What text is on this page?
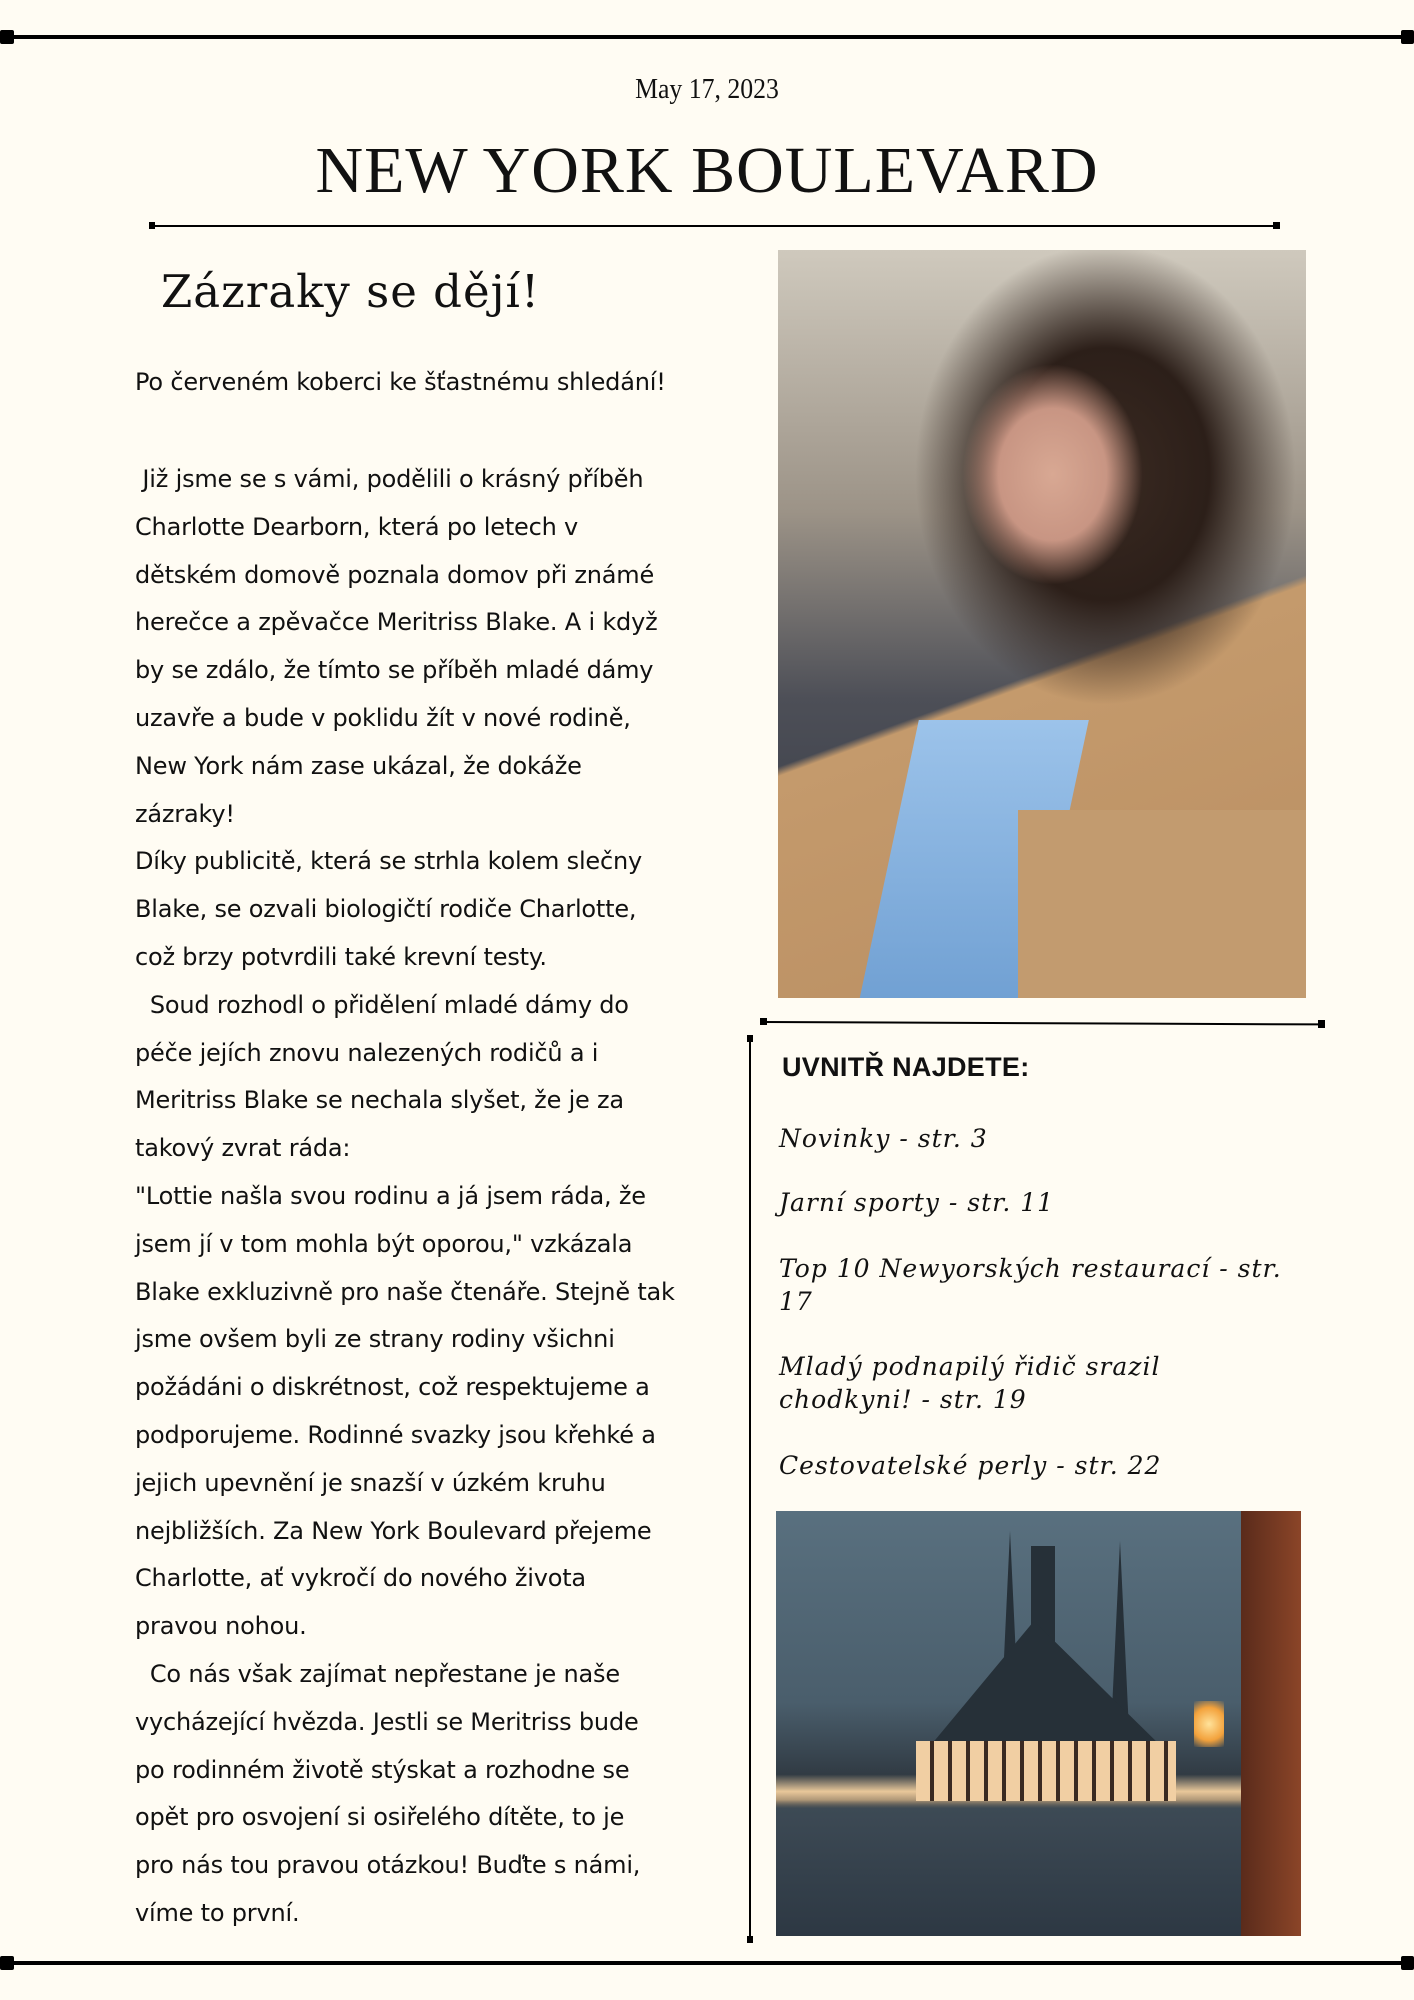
May 17, 2023
NEW YORK BOULEVARD
Zázraky se dějí!
Po červeném koberci ke šťastnému shledání!
Již jsme se s vámi, podělili o krásný příběh
Charlotte Dearborn, která po letech v
dětském domově poznala domov při známé
herečce a zpěvačce Meritriss Blake. A i když
by se zdálo, že tímto se příběh mladé dámy
uzavře a bude v poklidu žít v nové rodině,
New York nám zase ukázal, že dokáže
zázraky!
Díky publicitě, která se strhla kolem slečny
Blake, se ozvali biologičtí rodiče Charlotte,
což brzy potvrdili také krevní testy.
Soud rozhodl o přidělení mladé dámy do
péče jejích znovu nalezených rodičů a i
Meritriss Blake se nechala slyšet, že je za
takový zvrat ráda:
"Lottie našla svou rodinu a já jsem ráda, že
jsem jí v tom mohla být oporou," vzkázala
Blake exkluzivně pro naše čtenáře. Stejně tak
jsme ovšem byli ze strany rodiny všichni
požádáni o diskrétnost, což respektujeme a
podporujeme. Rodinné svazky jsou křehké a
jejich upevnění je snazší v úzkém kruhu
nejbližších. Za New York Boulevard přejeme
Charlotte, ať vykročí do nového života
pravou nohou.
Co nás však zajímat nepřestane je naše
vycházející hvězda. Jestli se Meritriss bude
po rodinném životě stýskat a rozhodne se
opět pro osvojení si osiřelého dítěte, to je
pro nás tou pravou otázkou! Buďte s námi,
víme to první.
UVNITŘ NAJDETE:
Novinky - str. 3
Jarní sporty - str. 11
Top 10 Newyorských restaurací - str.
17
Mladý podnapilý řidič srazil
chodkyni! - str. 19
Cestovatelské perly - str. 22
